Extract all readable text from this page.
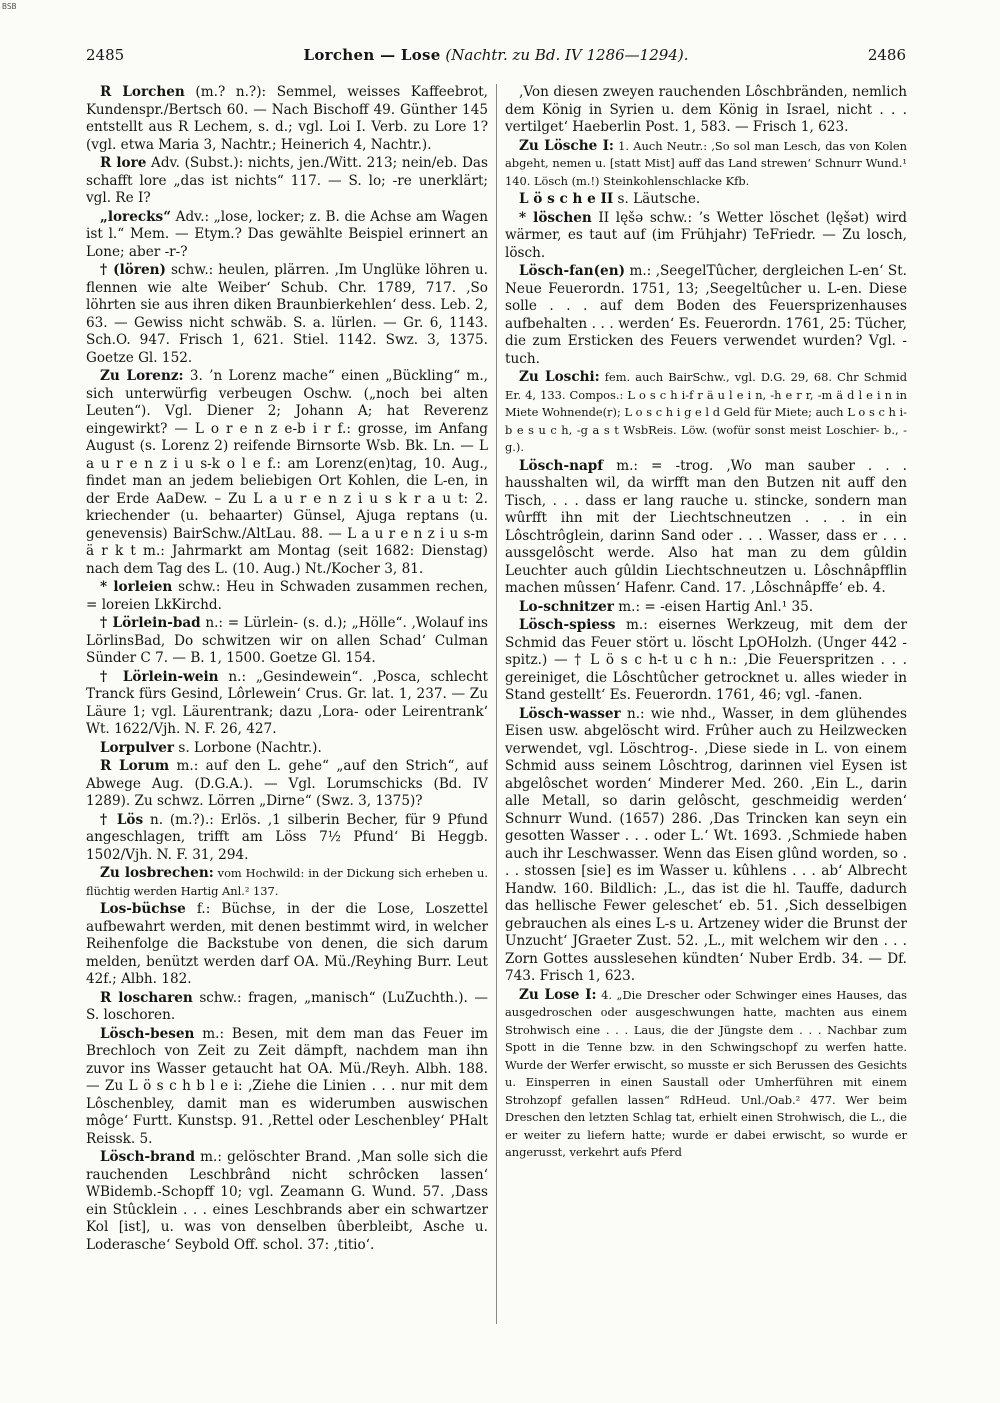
BSB
2485	Lorchen — Lose (Nachtr. zu Bd. IV 1286—1294).	2486

R Lorchen (m.? n.?): Semmel, weisses Kaffeebrot, Kundenspr./Bertsch 60. — Nach Bischoff 49. Günther 145 entstellt aus R Lechem, s. d.; vgl. Loi I. Verb. zu Lore 1? (vgl. etwa Maria 3, Nachtr.; Heinerich 4, Nachtr.).

R lore Adv. (Subst.): nichts, jen./Witt. 213; nein/eb. Das schafft lore „das ist nichts“ 117. — S. lo; -re unerklärt; vgl. Re I?

„lorecks“ Adv.: „lose, locker; z. B. die Achse am Wagen ist l.“ Mem. — Etym.? Das gewählte Beispiel erinnert an Lone; aber -r-?

† (lören) schw.: heulen, plärren. ‚Im Unglüke löhren u. flennen wie alte Weiber‘ Schub. Chr. 1789, 717. ‚So löhrten sie aus ihren diken Braunbierkehlen‘ dess. Leb. 2, 63. — Gewiss nicht schwäb. S. a. lürlen. — Gr. 6, 1143. Sch.O. 947. Frisch 1, 621. Stiel. 1142. Swz. 3, 1375. Goetze Gl. 152.

Zu Lorenz: 3. ’n Lorenz mache“ einen „Bückling“ m., sich unterwürfig verbeugen Oschw. („noch bei alten Leuten“). Vgl. Diener 2; Johann A; hat Reverenz eingewirkt? — L o r e n z e-b i r f.: grosse, im Anfang August (s. Lorenz 2) reifende Birnsorte Wsb. Bk. Ln. — L a u r e n z i u s-k o l e f.: am Lorenz(en)tag, 10. Aug., findet man an jedem beliebigen Ort Kohlen, die L-en, in der Erde AaDew. – Zu L a u r e n z i u s k r a u t: 2. kriechender (u. behaarter) Günsel, Ajuga reptans (u. genevensis) BairSchw./AltLau. 88. — L a u r e n z i u s-m ä r k t m.: Jahrmarkt am Montag (seit 1682: Dienstag) nach dem Tag des L. (10. Aug.) Nt./Kocher 3, 81.

* lorleien schw.: Heu in Schwaden zusammen rechen, = loreien LkKirchd.

† Lörlein-bad n.: = Lürlein- (s. d.); „Hölle“. ‚Wolauf ins LörlinsBad, Do schwitzen wir on allen Schad‘ Culman Sünder C 7. — B. 1, 1500. Goetze Gl. 154.

† Lörlein-wein n.: „Gesindewein“. ‚Posca, schlecht Tranck fürs Gesind, Lôrlewein‘ Crus. Gr. lat. 1, 237. — Zu Läure 1; vgl. Läurentrank; dazu ‚Lora- oder Leirentrank‘ Wt. 1622/Vjh. N. F. 26, 427.

Lorpulver s. Lorbone (Nachtr.).

R Lorum m.: auf den L. gehe“ „auf den Strich“, auf Abwege Aug. (D.G.A.). — Vgl. Lorumschicks (Bd. IV 1289). Zu schwz. Lörren „Dirne“ (Swz. 3, 1375)?

† Lös n. (m.?).: Erlös. ‚1 silberin Becher, für 9 Pfund angeschlagen, trifft am Löss 7½ Pfund‘ Bi Heggb. 1502/Vjh. N. F. 31, 294.

Zu losbrechen: vom Hochwild: in der Dickung sich erheben u. flüchtig werden Hartig Anl.² 137.

Los-büchse f.: Büchse, in der die Lose, Loszettel aufbewahrt werden, mit denen bestimmt wird, in welcher Reihenfolge die Backstube von denen, die sich darum melden, benützt werden darf OA. Mü./Reyhing Burr. Leut 42f.; Albh. 182.

R loscharen schw.: fragen, „manisch“ (LuZuchth.). — S. loschoren.

Lösch-besen m.: Besen, mit dem man das Feuer im Brechloch von Zeit zu Zeit dämpft, nachdem man ihn zuvor ins Wasser getaucht hat OA. Mü./Reyh. Albh. 188. — Zu L ö s c h b l e i: ‚Ziehe die Linien . . . nur mit dem Lôschenbley, damit man es widerumben auswischen môge‘ Furtt. Kunstsp. 91. ‚Rettel oder Leschenbley‘ PHalt Reissk. 5.

Lösch-brand m.: gelöschter Brand. ‚Man solle sich die rauchenden Leschbrând nicht schrôcken lassen‘ WBidemb.-Schopff 10; vgl. Zeamann G. Wund. 57. ‚Dass ein Stûcklein . . . eines Leschbrands aber ein schwartzer Kol [ist], u. was von denselben ûberbleibt, Asche u. Loderasche‘ Seybold Off. schol. 37: ‚titio‘.

‚Von diesen zweyen rauchenden Lôschbränden, nemlich dem König in Syrien u. dem König in Israel, nicht . . . vertilget‘ Haeberlin Post. 1, 583. — Frisch 1, 623.

Zu Lösche I: 1. Auch Neutr.: ‚So sol man Lesch, das von Kolen abgeht, nemen u. [statt Mist] auff das Land strewen‘ Schnurr Wund.¹ 140. Lösch (m.!) Steinkohlenschlacke Kfb.

L ö s c h e II s. Läutsche.

* löschen II lęšə schw.: ’s Wetter löschet (lęšət) wird wärmer, es taut auf (im Frühjahr) TeFriedr. — Zu losch, lösch.

Lösch-fan(en) m.: ‚SeegelTûcher, dergleichen L-en‘ St. Neue Feuerordn. 1751, 13; ‚Seegeltûcher u. L-en. Diese solle . . . auf dem Boden des Feuersprizenhauses aufbehalten . . . werden‘ Es. Feuerordn. 1761, 25: Tücher, die zum Ersticken des Feuers verwendet wurden? Vgl. -tuch.

Zu Loschi: fem. auch BairSchw., vgl. D.G. 29, 68. Chr Schmid Er. 4, 133. Compos.: L o s c h i-f r ä u l e i n, -h e r r, -m ä d l e i n in Miete Wohnende(r); L o s c h i g e l d Geld für Miete; auch L o s c h i-b e s u c h, -g a s t WsbReis. Löw. (wofür sonst meist Loschier- b., -g.).

Lösch-napf m.: = -trog. ‚Wo man sauber . . . hausshalten wil, da wirfft man den Butzen nit auff den Tisch, . . . dass er lang rauche u. stincke, sondern man wûrfft ihn mit der Liechtschneutzen . . . in ein Lôschtrôglein, darinn Sand oder . . . Wasser, dass er . . . aussgelôscht werde. Also hat man zu dem gûldin Leuchter auch gûldin Liechtschneutzen u. Lôschnâpfflin machen mûssen‘ Hafenr. Cand. 17. ‚Lôschnâpffe‘ eb. 4.

Lo-schnitzer m.: = -eisen Hartig Anl.¹ 35.

Lösch-spiess m.: eisernes Werkzeug, mit dem der Schmid das Feuer stört u. löscht LpOHolzh. (Unger 442 -spitz.) — † L ö s c h-t u c h n.: ‚Die Feuerspritzen . . . gereiniget, die Lôschtûcher getrocknet u. alles wieder in Stand gestellt‘ Es. Feuerordn. 1761, 46; vgl. -fanen.

Lösch-wasser n.: wie nhd., Wasser, in dem glühendes Eisen usw. abgelöscht wird. Frûher auch zu Heilzwecken verwendet, vgl. Löschtrog-. ‚Diese siede in L. von einem Schmid auss seinem Lôschtrog, darinnen viel Eysen ist abgelôschet worden‘ Minderer Med. 260. ‚Ein L., darin alle Metall, so darin gelôscht, geschmeidig werden‘ Schnurr Wund. (1657) 286. ‚Das Trincken kan seyn ein gesotten Wasser . . . oder L.‘ Wt. 1693. ‚Schmiede haben auch ihr Leschwasser. Wenn das Eisen glûnd worden, so . . . stossen [sie] es im Wasser u. kûhlens . . . ab‘ Albrecht Handw. 160. Bildlich: ‚L., das ist die hl. Tauffe, dadurch das hellische Fewer geleschet‘ eb. 51. ‚Sich desselbigen gebrauchen als eines L-s u. Artzeney wider die Brunst der Unzucht‘ JGraeter Zust. 52. ‚L., mit welchem wir den . . . Zorn Gottes ausslesehen kündten‘ Nuber Erdb. 34. — Df. 743. Frisch 1, 623.

Zu Lose I: 4. „Die Drescher oder Schwinger eines Hauses, das ausgedroschen oder ausgeschwungen hatte, machten aus einem Strohwisch eine . . . Laus, die der Jüngste dem . . . Nachbar zum Spott in die Tenne bzw. in den Schwingschopf zu werfen hatte. Wurde der Werfer erwischt, so musste er sich Berussen des Gesichts u. Einsperren in einen Saustall oder Umherführen mit einem Strohzopf gefallen lassen“ RdHeud. Unl./Oab.² 477. Wer beim Dreschen den letzten Schlag tat, erhielt einen Strohwisch, die L., die er weiter zu liefern hatte; wurde er dabei erwischt, so wurde er angerusst, verkehrt aufs Pferd
